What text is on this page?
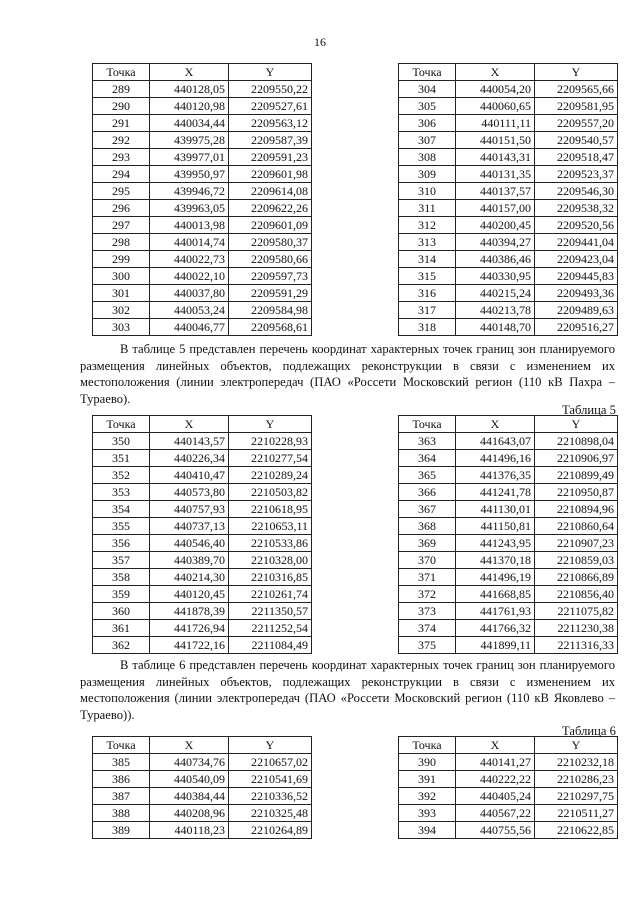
16
Точка	X	Y
289	440128,05	2209550,22
290	440120,98	2209527,61
291	440034,44	2209563,12
292	439975,28	2209587,39
293	439977,01	2209591,23
294	439950,97	2209601,98
295	439946,72	2209614,08
296	439963,05	2209622,26
297	440013,98	2209601,09
298	440014,74	2209580,37
299	440022,73	2209580,66
300	440022,10	2209597,73
301	440037,80	2209591,29
302	440053,24	2209584,98
303	440046,77	2209568,61
Точка	X	Y
304	440054,20	2209565,66
305	440060,65	2209581,95
306	440111,11	2209557,20
307	440151,50	2209540,57
308	440143,31	2209518,47
309	440131,35	2209523,37
310	440137,57	2209546,30
311	440157,00	2209538,32
312	440200,45	2209520,56
313	440394,27	2209441,04
314	440386,46	2209423,04
315	440330,95	2209445,83
316	440215,24	2209493,36
317	440213,78	2209489,63
318	440148,70	2209516,27

В таблице 5 представлен перечень координат характерных точек границ зон планируемого размещения линейных объектов, подлежащих реконструкции в связи с изменением их местоположения (линии электропередач (ПАО «Россети Московский регион (110 кВ Пахра – Тураево).

Таблица 5
Точка	X	Y
350	440143,57	2210228,93
351	440226,34	2210277,54
352	440410,47	2210289,24
353	440573,80	2210503,82
354	440757,93	2210618,95
355	440737,13	2210653,11
356	440546,40	2210533,86
357	440389,70	2210328,00
358	440214,30	2210316,85
359	440120,45	2210261,74
360	441878,39	2211350,57
361	441726,94	2211252,54
362	441722,16	2211084,49
Точка	X	Y
363	441643,07	2210898,04
364	441496,16	2210906,97
365	441376,35	2210899,49
366	441241,78	2210950,87
367	441130,01	2210894,96
368	441150,81	2210860,64
369	441243,95	2210907,23
370	441370,18	2210859,03
371	441496,19	2210866,89
372	441668,85	2210856,40
373	441761,93	2211075,82
374	441766,32	2211230,38
375	441899,11	2211316,33

В таблице 6 представлен перечень координат характерных точек границ зон планируемого размещения линейных объектов, подлежащих реконструкции в связи с изменением их местоположения (линии электропередач (ПАО «Россети Московский регион (110 кВ Яковлево – Тураево)).

Таблица 6
Точка	X	Y
385	440734,76	2210657,02
386	440540,09	2210541,69
387	440384,44	2210336,52
388	440208,96	2210325,48
389	440118,23	2210264,89
Точка	X	Y
390	440141,27	2210232,18
391	440222,22	2210286,23
392	440405,24	2210297,75
393	440567,22	2210511,27
394	440755,56	2210622,85
